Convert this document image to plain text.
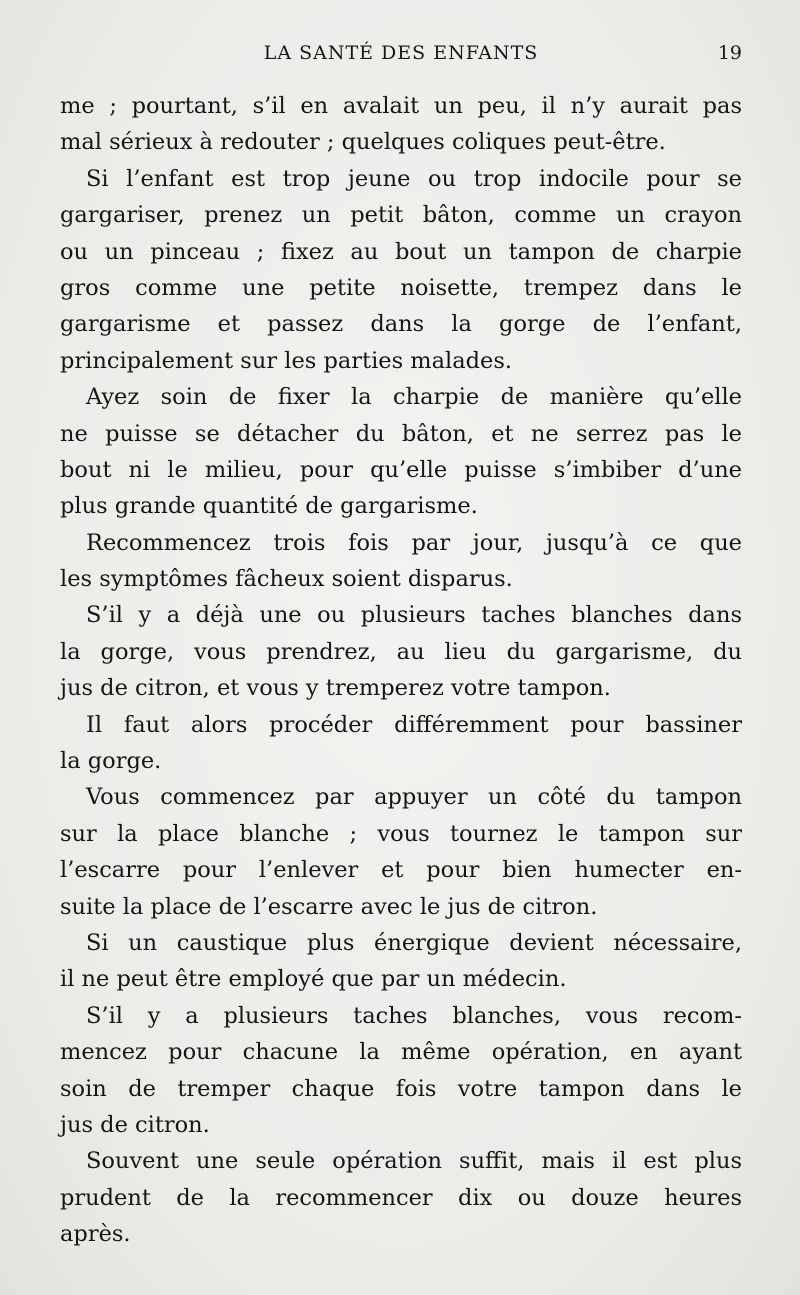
LA SANTÉ DES ENFANTS	19
me ; pourtant, s’il en avalait un peu, il n’y aurait pas
mal sérieux à redouter ; quelques coliques peut-être.
Si l’enfant est trop jeune ou trop indocile pour se
gargariser, prenez un petit bâton, comme un crayon
ou un pinceau ; fixez au bout un tampon de charpie
gros comme une petite noisette, trempez dans le
gargarisme et passez dans la gorge de l’enfant,
principalement sur les parties malades.
Ayez soin de fixer la charpie de manière qu’elle
ne puisse se détacher du bâton, et ne serrez pas le
bout ni le milieu, pour qu’elle puisse s’imbiber d’une
plus grande quantité de gargarisme.
Recommencez trois fois par jour, jusqu’à ce que
les symptômes fâcheux soient disparus.
S’il y a déjà une ou plusieurs taches blanches dans
la gorge, vous prendrez, au lieu du gargarisme, du
jus de citron, et vous y tremperez votre tampon.
Il faut alors procéder différemment pour bassiner
la gorge.
Vous commencez par appuyer un côté du tampon
sur la place blanche ; vous tournez le tampon sur
l’escarre pour l’enlever et pour bien humecter en-
suite la place de l’escarre avec le jus de citron.
Si un caustique plus énergique devient nécessaire,
il ne peut être employé que par un médecin.
S’il y a plusieurs taches blanches, vous recom-
mencez pour chacune la même opération, en ayant
soin de tremper chaque fois votre tampon dans le
jus de citron.
Souvent une seule opération suffit, mais il est plus
prudent de la recommencer dix ou douze heures
après.
